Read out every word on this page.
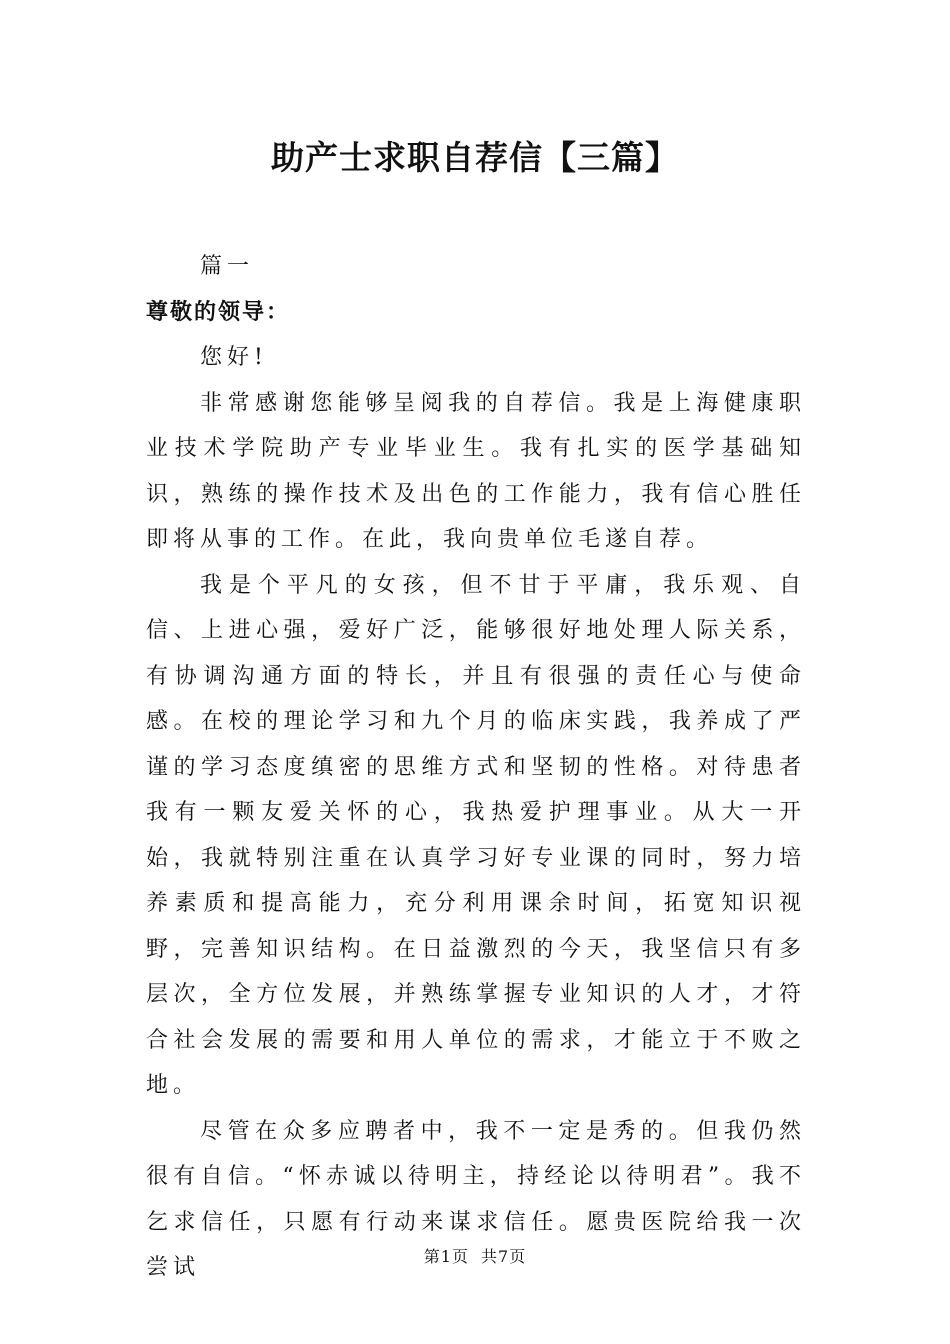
助产士求职自荐信【三篇】

篇一

尊敬的领导：

您好!

非常感谢您能够呈阅我的自荐信。我是上海健康职业技术学院助产专业毕业生。我有扎实的医学基础知识，熟练的操作技术及出色的工作能力，我有信心胜任即将从事的工作。在此，我向贵单位毛遂自荐。

我是个平凡的女孩，但不甘于平庸，我乐观、自信、上进心强，爱好广泛，能够很好地处理人际关系，有协调沟通方面的特长，并且有很强的责任心与使命感。在校的理论学习和九个月的临床实践，我养成了严谨的学习态度缜密的思维方式和坚韧的性格。对待患者我有一颗友爱关怀的心，我热爱护理事业。从大一开始，我就特别注重在认真学习好专业课的同时，努力培养素质和提高能力，充分利用课余时间，拓宽知识视野，完善知识结构。在日益激烈的今天，我坚信只有多层次，全方位发展，并熟练掌握专业知识的人才，才符合社会发展的需要和用人单位的需求，才能立于不败之地。

尽管在众多应聘者中，我不一定是秀的。但我仍然很有自信。“怀赤诚以待明主，持经论以待明君”。我不乞求信任，只愿有行动来谋求信任。愿贵医院给我一次尝试	第1页 共7页
